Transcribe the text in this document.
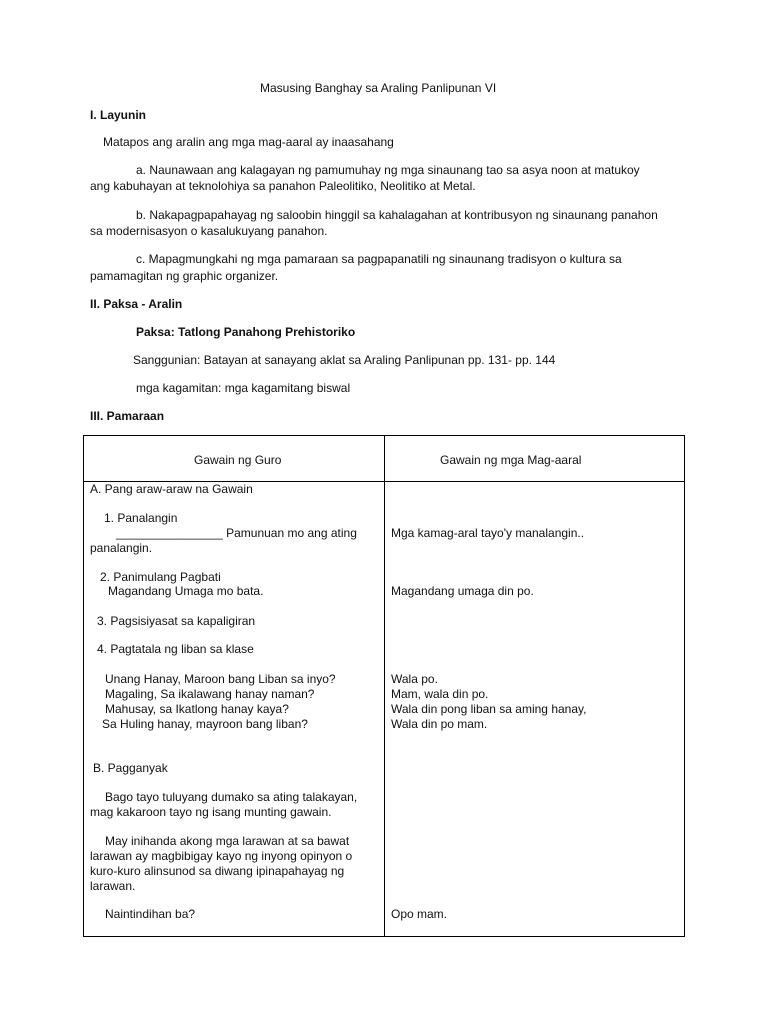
Masusing Banghay sa Araling Panlipunan VI
I. Layunin
Matapos ang aralin ang mga mag-aaral ay inaasahang
a. Naunawaan ang kalagayan ng pamumuhay ng mga sinaunang tao sa asya noon at matukoy
ang kabuhayan at teknolohiya sa panahon Paleolitiko, Neolitiko at Metal.
b. Nakapagpapahayag ng saloobin hinggil sa kahalagahan at kontribusyon ng sinaunang panahon
sa modernisasyon o kasalukuyang panahon.
c. Mapagmungkahi ng mga pamaraan sa pagpapanatili ng sinaunang tradisyon o kultura sa
pamamagitan ng graphic organizer.
II. Paksa - Aralin
Paksa: Tatlong Panahong Prehistoriko
Sanggunian: Batayan at sanayang aklat sa Araling Panlipunan pp. 131- pp. 144
mga kagamitan: mga kagamitang biswal
III. Pamaraan
Gawain ng Guro	Gawain ng mga Mag-aaral
A. Pang araw-araw na Gawain
1. Panalangin
________________ Pamunuan mo ang ating
panalangin.
2. Panimulang Pagbati
Magandang Umaga mo bata.
3. Pagsisiyasat sa kapaligiran
4. Pagtatala ng liban sa klase
Unang Hanay, Maroon bang Liban sa inyo?
Magaling, Sa ikalawang hanay naman?
Mahusay, sa Ikatlong hanay kaya?
Sa Huling hanay, mayroon bang liban?
B. Pagganyak
Bago tayo tuluyang dumako sa ating talakayan,
mag kakaroon tayo ng isang munting gawain.
May inihanda akong mga larawan at sa bawat
larawan ay magbibigay kayo ng inyong opinyon o
kuro-kuro alinsunod sa diwang ipinapahayag ng
larawan.
Naintindihan ba?
Mga kamag-aral tayo'y manalangin..
Magandang umaga din po.
Wala po.
Mam, wala din po.
Wala din pong liban sa aming hanay,
Wala din po mam.
Opo mam.
